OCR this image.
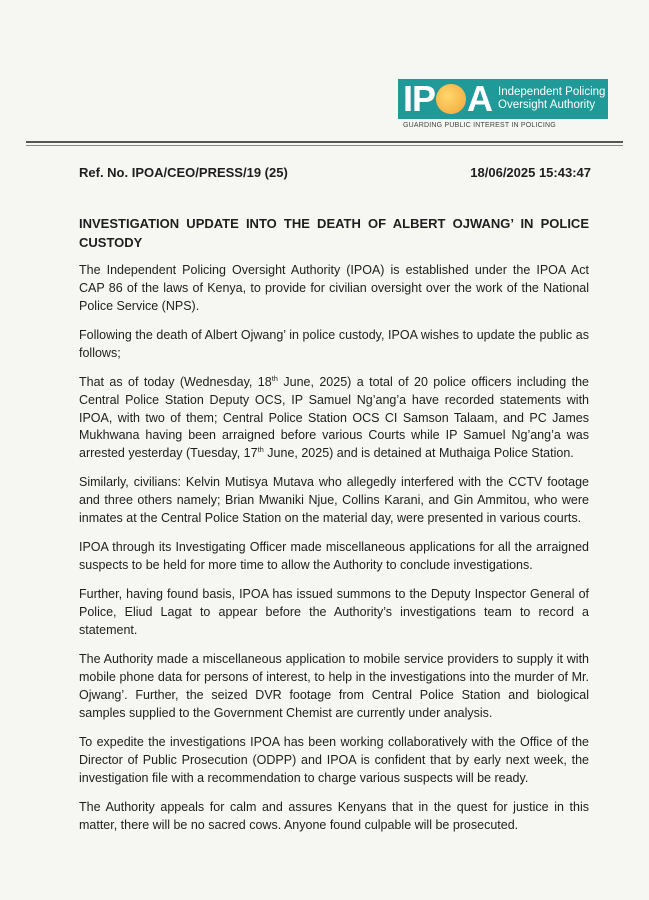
IP A Independent Policing
Oversight Authority
GUARDING PUBLIC INTEREST IN POLICING
Ref. No. IPOA/CEO/PRESS/19 (25)	18/06/2025 15:43:47

INVESTIGATION UPDATE INTO THE DEATH OF ALBERT OJWANG’ IN POLICE CUSTODY

The Independent Policing Oversight Authority (IPOA) is established under the IPOA Act CAP 86 of the laws of Kenya, to provide for civilian oversight over the work of the National Police Service (NPS).

Following the death of Albert Ojwang’ in police custody, IPOA wishes to update the public as follows;

That as of today (Wednesday, 18th June, 2025) a total of 20 police officers including the Central Police Station Deputy OCS, IP Samuel Ng’ang’a have recorded statements with IPOA, with two of them; Central Police Station OCS CI Samson Talaam, and PC James Mukhwana having been arraigned before various Courts while IP Samuel Ng’ang’a was arrested yesterday (Tuesday, 17th June, 2025) and is detained at Muthaiga Police Station.

Similarly, civilians: Kelvin Mutisya Mutava who allegedly interfered with the CCTV footage and three others namely; Brian Mwaniki Njue, Collins Karani, and Gin Ammitou, who were inmates at the Central Police Station on the material day, were presented in various courts.

IPOA through its Investigating Officer made miscellaneous applications for all the arraigned suspects to be held for more time to allow the Authority to conclude investigations.

Further, having found basis, IPOA has issued summons to the Deputy Inspector General of Police, Eliud Lagat to appear before the Authority’s investigations team to record a statement.

The Authority made a miscellaneous application to mobile service providers to supply it with mobile phone data for persons of interest, to help in the investigations into the murder of Mr. Ojwang’. Further, the seized DVR footage from Central Police Station and biological samples supplied to the Government Chemist are currently under analysis.

To expedite the investigations IPOA has been working collaboratively with the Office of the Director of Public Prosecution (ODPP) and IPOA is confident that by early next week, the investigation file with a recommendation to charge various suspects will be ready.

The Authority appeals for calm and assures Kenyans that in the quest for justice in this matter, there will be no sacred cows. Anyone found culpable will be prosecuted.
